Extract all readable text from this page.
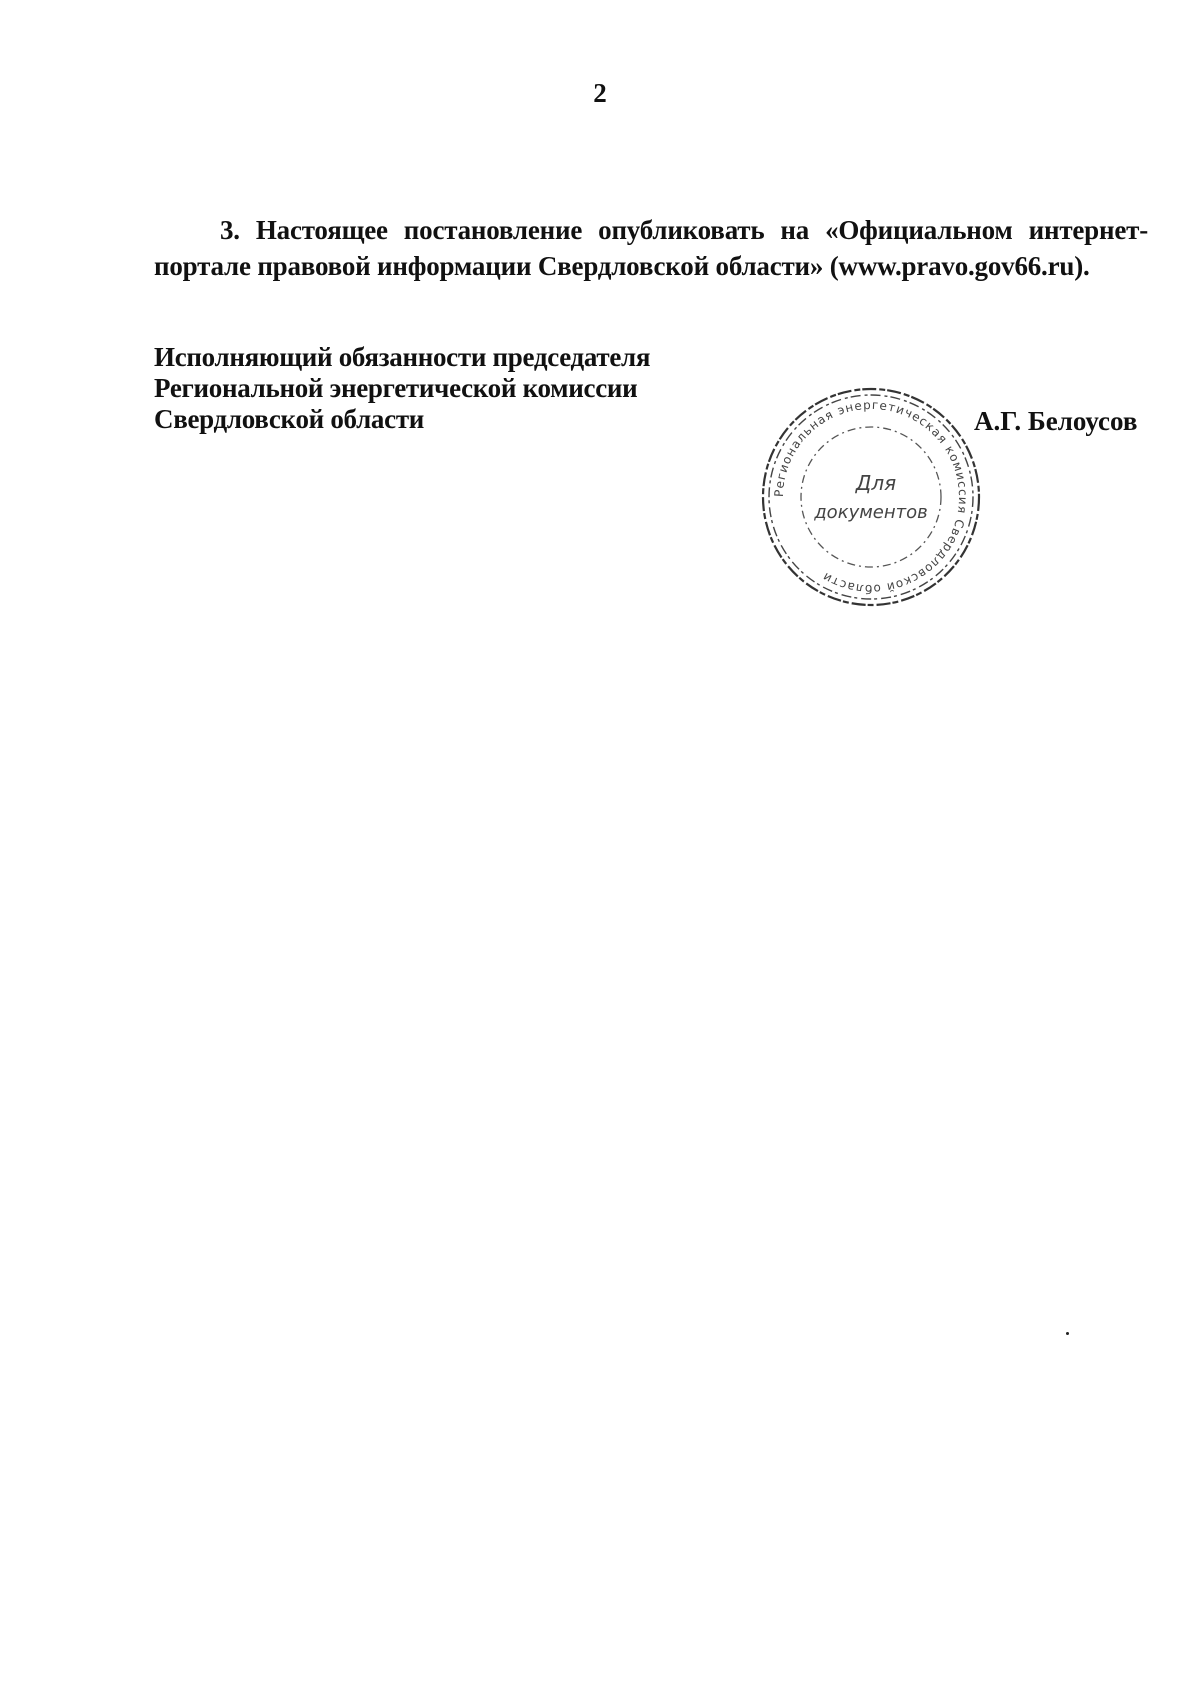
2
3. Настоящее постановление опубликовать на «Официальном интернет-портале правовой информации Свердловской области» (www.pravo.gov66.ru).
Исполняющий обязанности председателя
Региональной энергетической комиссии
Свердловской области
Региональная энергетическая комиссия Свердловской области
Для
документов
А.Г. Белоусов
